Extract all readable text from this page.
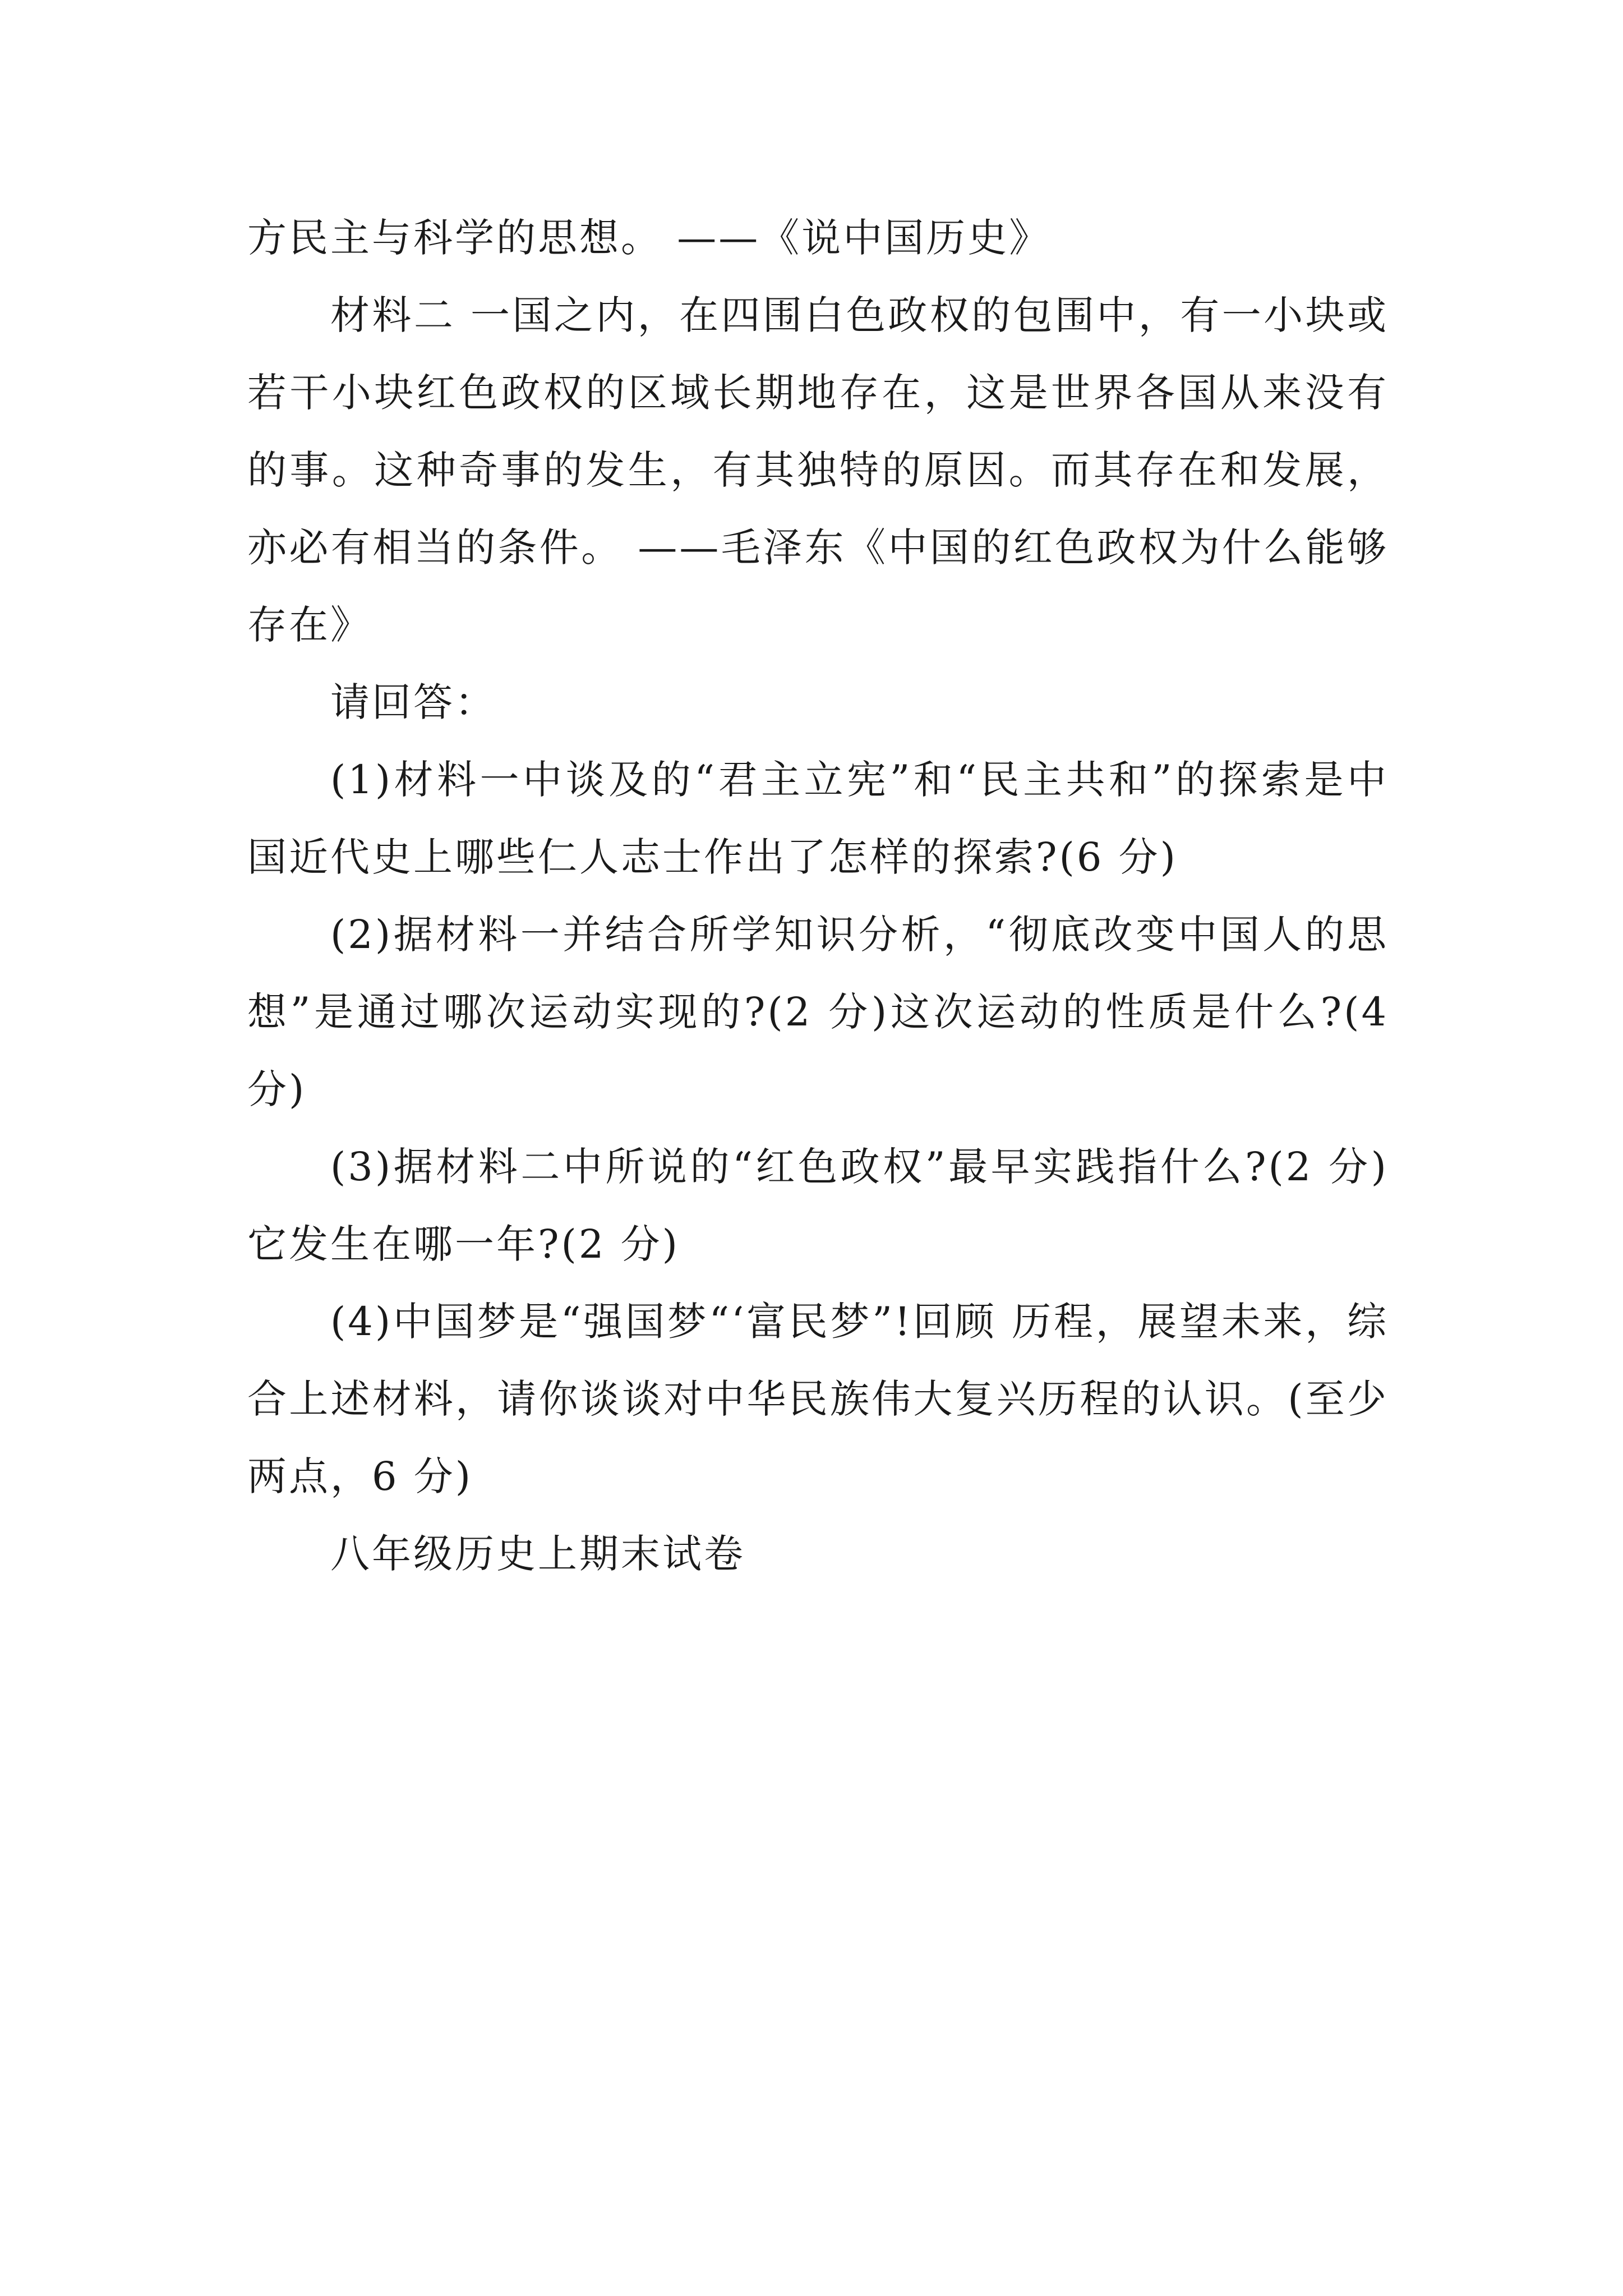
方民主与科学的思想。 ——《说中国历史》

材料二 一国之内，在四围白色政权的包围中，有一小块或若干小块红色政权的区域长期地存在，这是世界各国从来没有的事。这种奇事的发生，有其独特的原因。而其存在和发展，亦必有相当的条件。 ——毛泽东《中国的红色政权为什么能够存在》

请回答：

(1)材料一中谈及的“君主立宪”和“民主共和”的探索是中国近代史上哪些仁人志士作出了怎样的探索?(6 分)

(2)据材料一并结合所学知识分析，“彻底改变中国人的思想”是通过哪次运动实现的?(2 分)这次运动的性质是什么?(4 分)

(3)据材料二中所说的“红色政权”最早实践指什么?(2 分)它发生在哪一年?(2 分)

(4)中国梦是“强国梦“‘富民梦”!回顾 历程，展望未来，综合上述材料，请你谈谈对中华民族伟大复兴历程的认识。(至少两点，6 分)

八年级历史上期末试卷
